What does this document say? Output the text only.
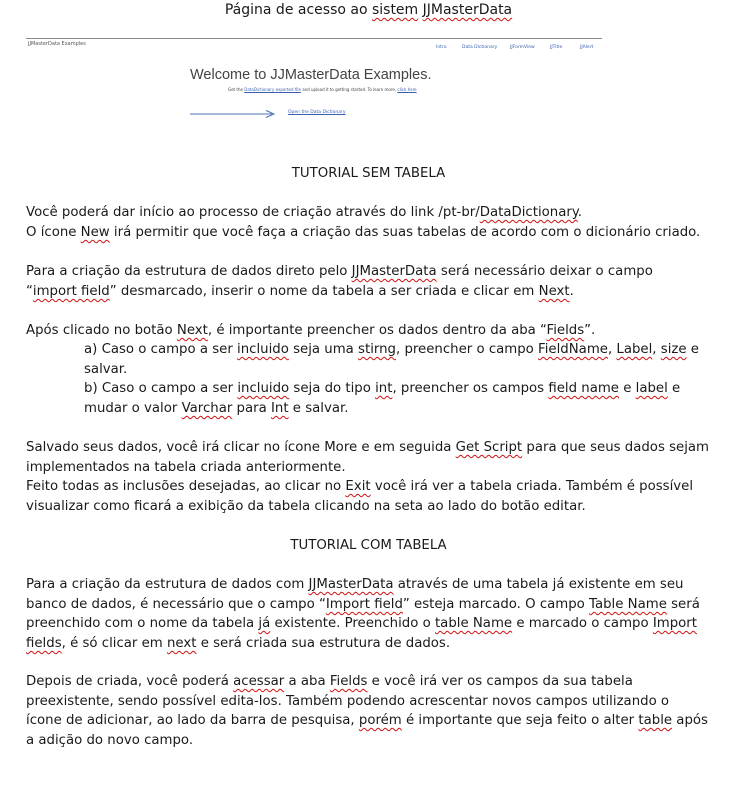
Página de acesso ao sistem JJMasterData
JJMasterData Examples
Intro	Data Dictionary	JJFormView	JJTitle	JJAlert
Welcome to JJMasterData Examples.
Get the DataDictionary exported file and upload it to getting started. To learn more, click here
Open the Data Dictionary
TUTORIAL SEM TABELA
Você poderá dar início ao processo de criação através do link /pt-br/DataDictionary.
O ícone New irá permitir que você faça a criação das suas tabelas de acordo com o dicionário criado.
Para a criação da estrutura de dados direto pelo JJMasterData será necessário deixar o campo
“import field” desmarcado, inserir o nome da tabela a ser criada e clicar em Next.
Após clicado no botão Next, é importante preencher os dados dentro da aba “Fields”.
a) Caso o campo a ser incluido seja uma stirng, preencher o campo FieldName, Label, size e
salvar.
b) Caso o campo a ser incluido seja do tipo int, preencher os campos field name e label e
mudar o valor Varchar para Int e salvar.
Salvado seus dados, você irá clicar no ícone More e em seguida Get Script para que seus dados sejam
implementados na tabela criada anteriormente.
Feito todas as inclusões desejadas, ao clicar no Exit você irá ver a tabela criada. Também é possível
visualizar como ficará a exibição da tabela clicando na seta ao lado do botão editar.
TUTORIAL COM TABELA
Para a criação da estrutura de dados com JJMasterData através de uma tabela já existente em seu
banco de dados, é necessário que o campo “Import field” esteja marcado. O campo Table Name será
preenchido com o nome da tabela já existente. Preenchido o table Name e marcado o campo Import
fields, é só clicar em next e será criada sua estrutura de dados.
Depois de criada, você poderá acessar a aba Fields e você irá ver os campos da sua tabela
preexistente, sendo possível edita-los. Também podendo acrescentar novos campos utilizando o
ícone de adicionar, ao lado da barra de pesquisa, porém é importante que seja feito o alter table após
a adição do novo campo.
